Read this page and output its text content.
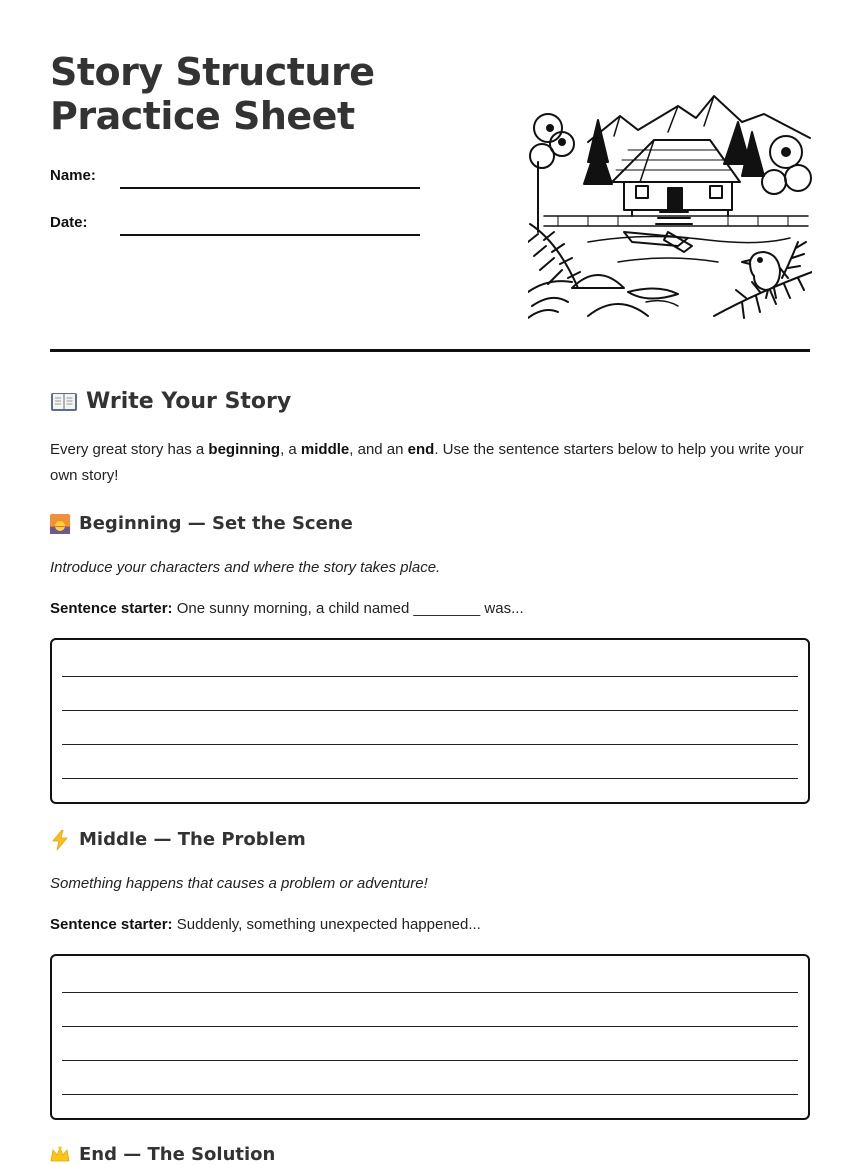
Story Structure Practice Sheet
Name:
Date:
Write Your Story

Every great story has a beginning, a middle, and an end. Use the sentence starters below to help you write your own story!

Beginning — Set the Scene

Introduce your characters and where the story takes place.

Sentence starter: One sunny morning, a child named ________ was...

Middle — The Problem

Something happens that causes a problem or adventure!

Sentence starter: Suddenly, something unexpected happened...

End — The Solution
